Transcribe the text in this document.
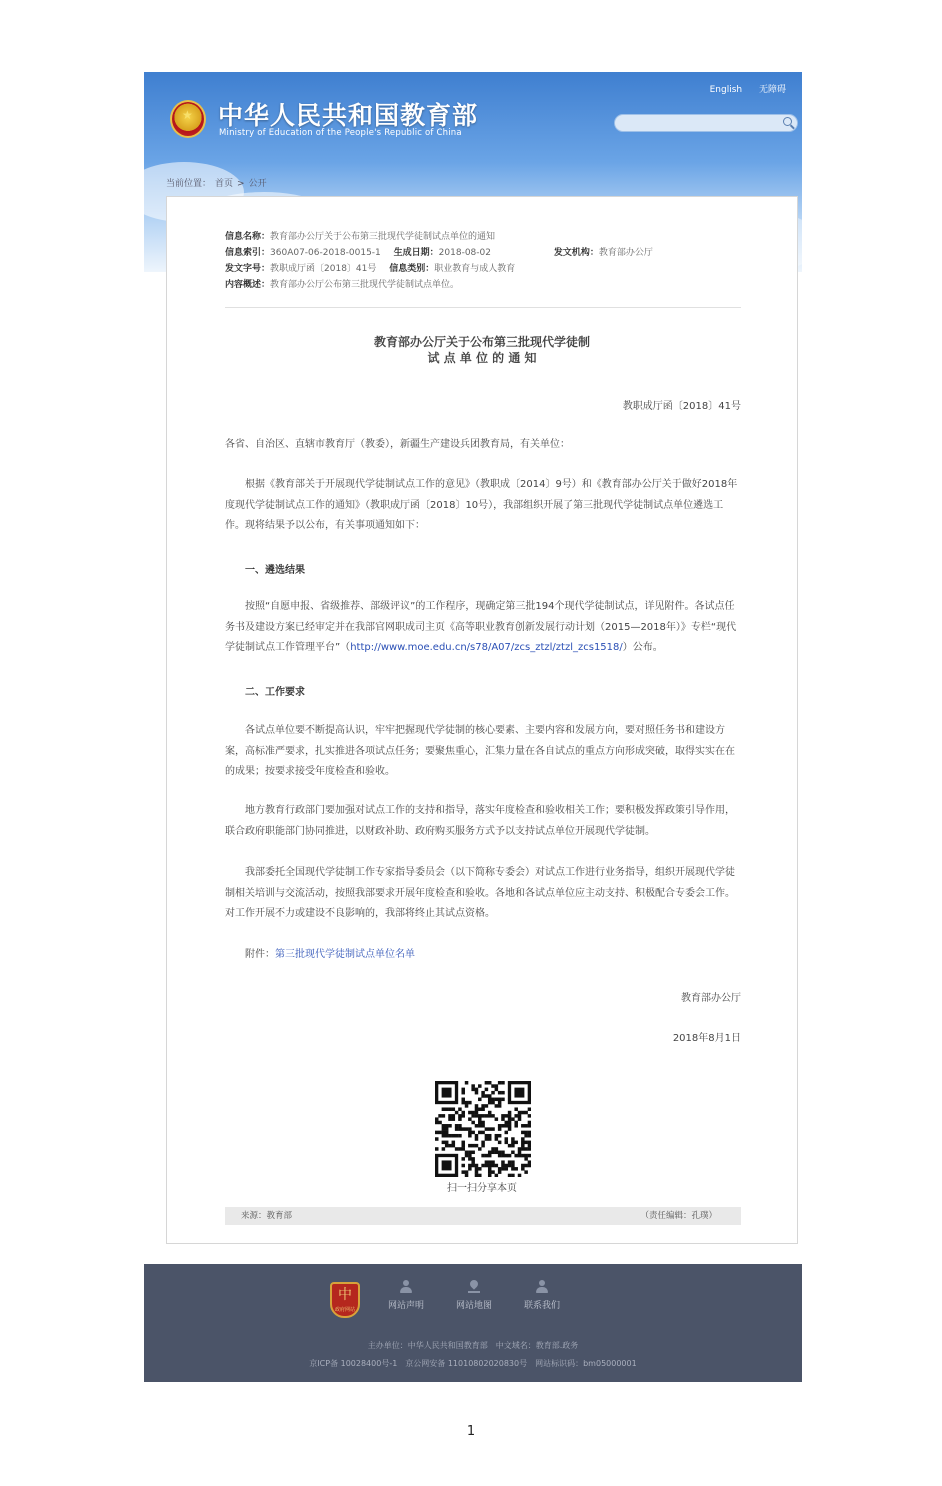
★ 中华人民共和国教育部
Ministry of Education of the People's Republic of China
English 无障碍
当前位置： 首页 > 公开
信息名称：教育部办公厅关于公布第三批现代学徒制试点单位的通知
信息索引：360A07-06-2018-0015-1 生成日期：2018-08-02	发文机构：教育部办公厅
发文字号：教职成厅函〔2018〕41号 信息类别：职业教育与成人教育
内容概述：教育部办公厅公布第三批现代学徒制试点单位。
教育部办公厅关于公布第三批现代学徒制
试 点 单 位 的 通 知
教职成厅函〔2018〕41号
各省、自治区、直辖市教育厅（教委），新疆生产建设兵团教育局，有关单位：
根据《教育部关于开展现代学徒制试点工作的意见》（教职成〔2014〕9号）和《教育部办公厅关于做好2018年度现代学徒制试点工作的通知》（教职成厅函〔2018〕10号），我部组织开展了第三批现代学徒制试点单位遴选工作。现将结果予以公布，有关事项通知如下：
一、遴选结果
按照“自愿申报、省级推荐、部级评议”的工作程序，现确定第三批194个现代学徒制试点，详见附件。各试点任务书及建设方案已经审定并在我部官网职成司主页《高等职业教育创新发展行动计划（2015—2018年）》专栏“现代学徒制试点工作管理平台”（http://www.moe.edu.cn/s78/A07/zcs_ztzl/ztzl_zcs1518/）公布。
二、工作要求
各试点单位要不断提高认识，牢牢把握现代学徒制的核心要素、主要内容和发展方向，要对照任务书和建设方案，高标准严要求，扎实推进各项试点任务；要聚焦重心，汇集力量在各自试点的重点方向形成突破，取得实实在在的成果；按要求接受年度检查和验收。
地方教育行政部门要加强对试点工作的支持和指导，落实年度检查和验收相关工作；要积极发挥政策引导作用，联合政府职能部门协同推进，以财政补助、政府购买服务方式予以支持试点单位开展现代学徒制。
我部委托全国现代学徒制工作专家指导委员会（以下简称专委会）对试点工作进行业务指导，组织开展现代学徒制相关培训与交流活动，按照我部要求开展年度检查和验收。各地和各试点单位应主动支持、积极配合专委会工作。对工作开展不力或建设不良影响的，我部将终止其试点资格。
附件：第三批现代学徒制试点单位名单
教育部办公厅
2018年8月1日
扫一扫分享本页
来源：教育部	（责任编辑：孔璞）
中
政府网站	网站声明	网站地图	联系我们
主办单位：中华人民共和国教育部　中文域名：教育部.政务
京ICP备 10028400号-1　京公网安备 11010802020830号　网站标识码：bm05000001
1
